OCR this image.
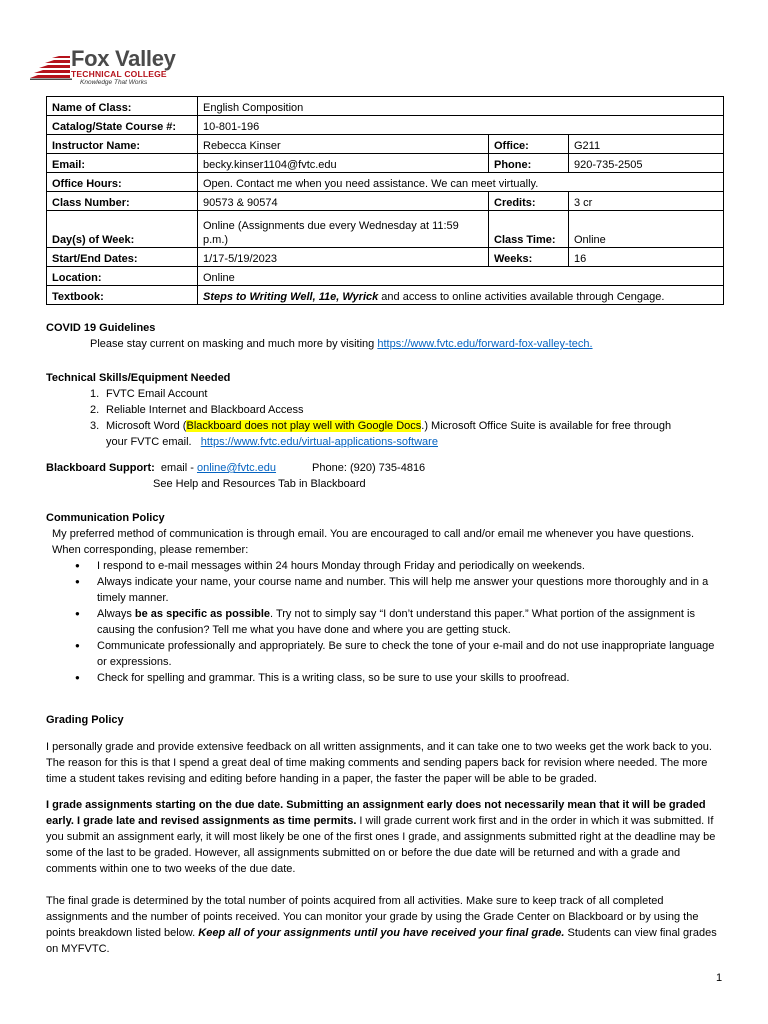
Fox Valley
TECHNICAL COLLEGE
Knowledge That Works
Name of Class:	English Composition		
Catalog/State Course #:	10-801-196		
Instructor Name:	Rebecca Kinser	Office:	G211
Email:	becky.kinser1104@fvtc.edu	Phone:	920-735-2505
Office Hours:	Open. Contact me when you need assistance. We can meet virtually.		
Class Number:	90573 & 90574	Credits:	3 cr
Day(s) of Week:	Online (Assignments due every Wednesday at 11:59 p.m.)	Class Time:	Online
Start/End Dates:	1/17-5/19/2023	Weeks:	16
Location:	Online		
Textbook:	Steps to Writing Well, 11e, Wyrick and access to online activities available through Cengage.		
COVID 19 Guidelines
Please stay current on masking and much more by visiting https://www.fvtc.edu/forward-fox-valley-tech.
Technical Skills/Equipment Needed
1. FVTC Email Account
2. Reliable Internet and Blackboard Access
3. Microsoft Word (Blackboard does not play well with Google Docs.) Microsoft Office Suite is available for free through
your FVTC email.   https://www.fvtc.edu/virtual-applications-software
Blackboard Support:  email - online@fvtc.edu	Phone: (920) 735-4816
See Help and Resources Tab in Blackboard
Communication Policy
My preferred method of communication is through email. You are encouraged to call and/or email me whenever you have questions. When corresponding, please remember:
● I respond to e-mail messages within 24 hours Monday through Friday and periodically on weekends.
● Always indicate your name, your course name and number. This will help me answer your questions more thoroughly and in a timely manner.
● Always be as specific as possible. Try not to simply say “I don’t understand this paper.” What portion of the assignment is causing the confusion? Tell me what you have done and where you are getting stuck.
● Communicate professionally and appropriately. Be sure to check the tone of your e-mail and do not use inappropriate language or expressions.
● Check for spelling and grammar. This is a writing class, so be sure to use your skills to proofread.
Grading Policy
I personally grade and provide extensive feedback on all written assignments, and it can take one to two weeks get the work back to you. The reason for this is that I spend a great deal of time making comments and sending papers back for revision where needed. The more time a student takes revising and editing before handing in a paper, the faster the paper will be able to be graded.
I grade assignments starting on the due date. Submitting an assignment early does not necessarily mean that it will be graded early. I grade late and revised assignments as time permits. I will grade current work first and in the order in which it was submitted. If you submit an assignment early, it will most likely be one of the first ones I grade, and assignments submitted right at the deadline may be some of the last to be graded. However, all assignments submitted on or before the due date will be returned and with a grade and comments within one to two weeks of the due date.
The final grade is determined by the total number of points acquired from all activities. Make sure to keep track of all completed assignments and the number of points received. You can monitor your grade by using the Grade Center on Blackboard or by using the points breakdown listed below. Keep all of your assignments until you have received your final grade. Students can view final grades on MYFVTC.
1
